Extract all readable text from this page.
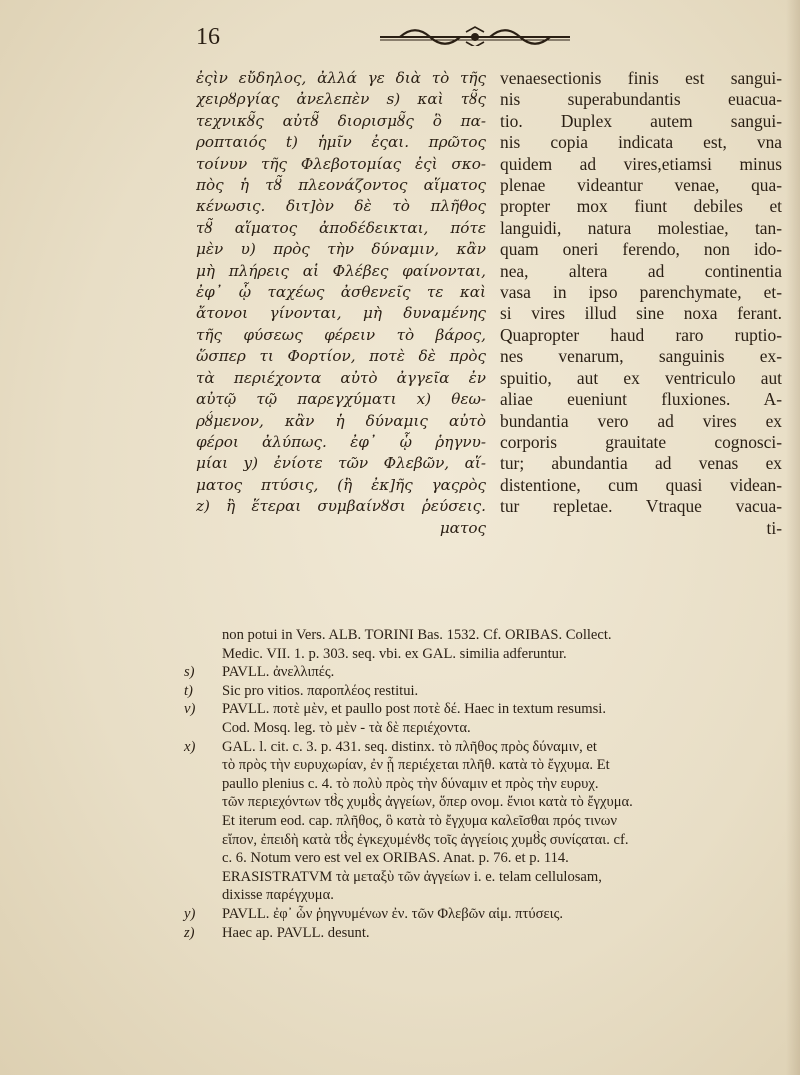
16
ἐςὶν εὔδηλος, ἀλλά γε διὰ τὸ τῆς
χειρȣργίας ἀνελεπὲν s) καὶ τȣ̃ς
τεχνικȣ̃ς αὐτȣ̃ διορισμȣ̃ς ὃ πα-
ροπταιός t) ἡμῖν ἐςαι. πρῶτος
τοίνυν τῆς Φλεβοτομίας ἐςὶ σκο-
πὸς ἡ τȣ̃ πλεονάζοντος αἵματος
κένωσις. διτ]ὸν δὲ τὸ πλῆθος
τȣ̃ αἵματος ἀποδέδεικται, πότε
μὲν υ) πρὸς τὴν δύναμιν, κἂν
μὴ πλήρεις αἱ Φλέβες φαίνονται,
ἐφ᾽ ᾧ ταχέως ἀσθενεῖς τε καὶ
ἄτονοι γίνονται, μὴ δυναμένης
τῆς φύσεως φέρειν τὸ βάρος,
ὥσπερ τι Φορτίον, ποτὲ δὲ πρὸς
τὰ περιέχοντα αὐτὸ ἀγγεῖα ἐν
αὐτῷ τῷ παρεγχύματι x) θεω-
ρȣ́μενον, κἂν ἡ δύναμις αὐτὸ
φέροι ἀλύπως. ἐφ᾽ ᾧ ῥηγνυ-
μίαι y) ἐνίοτε τῶν Φλεβῶν, αἵ-
ματος πτύσις, (ἢ ἐκ]ῆς γαςρὸς
z) ἢ ἕτεραι συμβαίνȣσι ῥεύσεις.
ματος
venaesectionis finis est sangui-
nis superabundantis euacua-
tio. Duplex autem sangui-
nis copia indicata est, vna
quidem ad vires,etiamsi minus
plenae videantur venae, qua-
propter mox fiunt debiles et
languidi, natura molestiae, tan-
quam oneri ferendo, non ido-
nea, altera ad continentia
vasa in ipso parenchymate, et-
si vires illud sine noxa ferant.
Quapropter haud raro ruptio-
nes venarum, sanguinis ex-
spuitio, aut ex ventriculo aut
aliae eueniunt fluxiones. A-
bundantia vero ad vires ex
corporis grauitate cognosci-
tur; abundantia ad venas ex
distentione, cum quasi videan-
tur repletae. Vtraque vacua-
ti-
non potui in Vers. ALB. TORINI Bas. 1532. Cf. ORIBAS. Collect.
Medic. VII. 1. p. 303. seq. vbi. ex GAL. similia adferuntur.
s)	PAVLL. ἀνελλιπές.
t)	Sic pro vitios. παροπλέος restitui.
v)	PAVLL. ποτὲ μὲν, et paullo post ποτὲ δέ. Haec in textum resumsi.
Cod. Mosq. leg. τὸ μὲν - τὰ δὲ περιέχοντα.
x)	GAL. l. cit. c. 3. p. 431. seq. distinx. τὸ πλῆθος πρὸς δύναμιν, et
τὸ πρὸς τὴν ευρυχωρίαν, ἐν ᾗ περιέχεται πλῆθ. κατὰ τὸ ἔγχυμα. Et
paullo plenius c. 4. τὸ πολὺ πρὸς τὴν δύναμιν et πρὸς τὴν ευρυχ.
τῶν περιεχόντων τȣ̀ς χυμȣ̀ς ἀγγείων, ὅπερ ονομ. ἔνιοι κατὰ τὸ ἔγχυμα.
Et iterum eod. cap. πλῆθος, ὃ κατὰ τὸ ἔγχυμα καλεῖσθαι πρός τινων
εἴπον, ἐπειδὴ κατὰ τȣ̀ς ἐγκεχυμένȣς τοῖς ἀγγείοις χυμȣ̀ς συνίςαται. cf.
c. 6. Notum vero est vel ex ORIBAS. Anat. p. 76. et p. 114.
ERASISTRATVM τὰ μεταξὺ τῶν ἀγγείων i. e. telam cellulosam,
dixisse παρέγχυμα.
y)	PAVLL. ἐφ᾽ ὧν ῥηγνυμένων ἐν. τῶν Φλεβῶν αἱμ. πτύσεις.
z)	Haec ap. PAVLL. desunt.
